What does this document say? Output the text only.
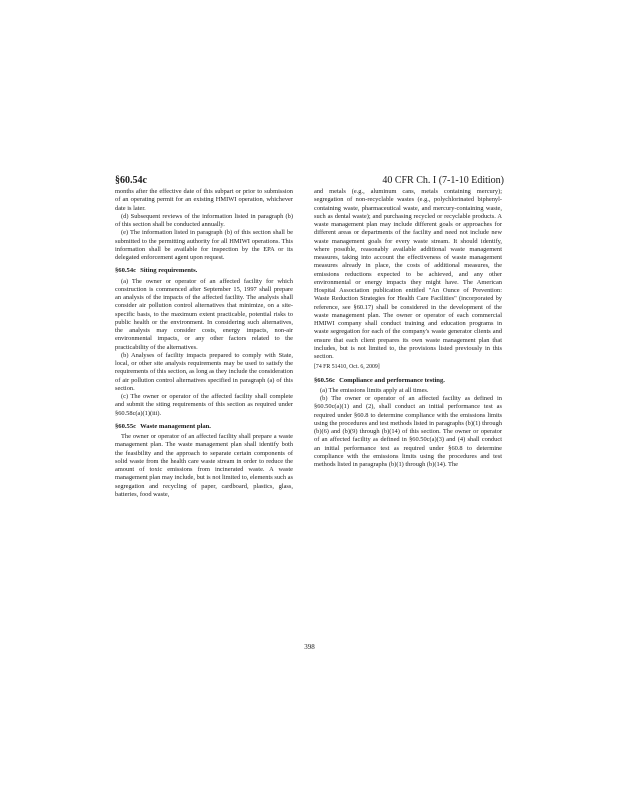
§60.54c	40 CFR Ch. I (7-1-10 Edition)

months after the effective date of this subpart or prior to submission of an operating permit for an existing HMIWI operation, whichever date is later.

(d) Subsequent reviews of the information listed in paragraph (b) of this section shall be conducted annually.

(e) The information listed in paragraph (b) of this section shall be submitted to the permitting authority for all HMIWI operations. This information shall be available for inspection by the EPA or its delegated enforcement agent upon request.

§60.54c Siting requirements.

(a) The owner or operator of an affected facility for which construction is commenced after September 15, 1997 shall prepare an analysis of the impacts of the affected facility. The analysis shall consider air pollution control alternatives that minimize, on a site-specific basis, to the maximum extent practicable, potential risks to public health or the environment. In considering such alternatives, the analysis may consider costs, energy impacts, non-air environmental impacts, or any other factors related to the practicability of the alternatives.

(b) Analyses of facility impacts prepared to comply with State, local, or other site analysis requirements may be used to satisfy the requirements of this section, as long as they include the consideration of air pollution control alternatives specified in paragraph (a) of this section.

(c) The owner or operator of the affected facility shall complete and submit the siting requirements of this section as required under §60.58c(a)(1)(iii).

§60.55c Waste management plan.

The owner or operator of an affected facility shall prepare a waste management plan. The waste management plan shall identify both the feasibility and the approach to separate certain components of solid waste from the health care waste stream in order to reduce the amount of toxic emissions from incinerated waste. A waste management plan may include, but is not limited to, elements such as segregation and recycling of paper, cardboard, plastics, glass, batteries, food waste,

and metals (e.g., aluminum cans, metals containing mercury); segregation of non-recyclable wastes (e.g., polychlorinated biphenyl-containing waste, pharmaceutical waste, and mercury-containing waste, such as dental waste); and purchasing recycled or recyclable products. A waste management plan may include different goals or approaches for different areas or departments of the facility and need not include new waste management goals for every waste stream. It should identify, where possible, reasonably available additional waste management measures, taking into account the effectiveness of waste management measures already in place, the costs of additional measures, the emissions reductions expected to be achieved, and any other environmental or energy impacts they might have. The American Hospital Association publication entitled "An Ounce of Prevention: Waste Reduction Strategies for Health Care Facilities" (incorporated by reference, see §60.17) shall be considered in the development of the waste management plan. The owner or operator of each commercial HMIWI company shall conduct training and education programs in waste segregation for each of the company's waste generator clients and ensure that each client prepares its own waste management plan that includes, but is not limited to, the provisions listed previously in this section.

[74 FR 51410, Oct. 6, 2009]
§60.56c Compliance and performance testing.

(a) The emissions limits apply at all times.

(b) The owner or operator of an affected facility as defined in §60.50c(a)(1) and (2), shall conduct an initial performance test as required under §60.8 to determine compliance with the emissions limits using the procedures and test methods listed in paragraphs (b)(1) through (b)(6) and (b)(9) through (b)(14) of this section. The owner or operator of an affected facility as defined in §60.50c(a)(3) and (4) shall conduct an initial performance test as required under §60.8 to determine compliance with the emissions limits using the procedures and test methods listed in paragraphs (b)(1) through (b)(14). The

398
